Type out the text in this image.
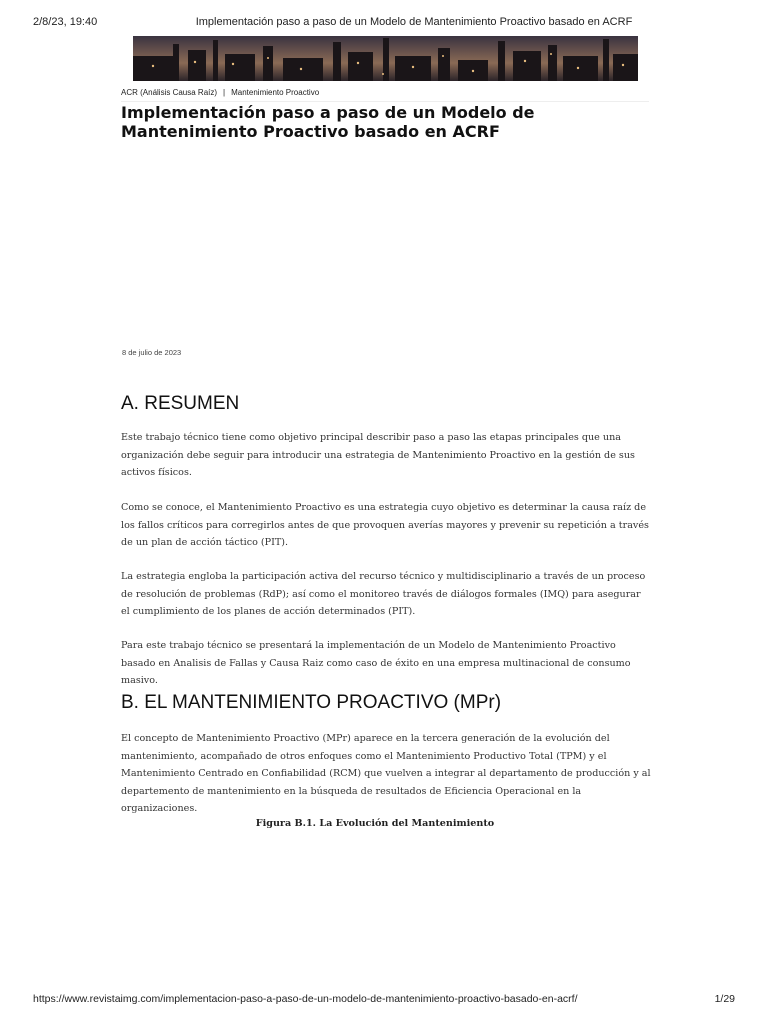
2/8/23, 19:40	Implementación paso a paso de un Modelo de Mantenimiento Proactivo basado en ACRF
ACR (Análisis Causa Raíz) | Mantenimiento Proactivo
Implementación paso a paso de un Modelo de Mantenimiento Proactivo basado en ACRF
8 de julio de 2023
A. RESUMEN

Este trabajo técnico tiene como objetivo principal describir paso a paso las etapas principales que una organización debe seguir para introducir una estrategia de Mantenimiento Proactivo en la gestión de sus activos físicos.

Como se conoce, el Mantenimiento Proactivo es una estrategia cuyo objetivo es determinar la causa raíz de los fallos críticos para corregirlos antes de que provoquen averías mayores y prevenir su repetición a través de un plan de acción táctico (PIT).

La estrategia engloba la participación activa del recurso técnico y multidisciplinario a través de un proceso de resolución de problemas (RdP); así como el monitoreo través de diálogos formales (IMQ) para asegurar el cumplimiento de los planes de acción determinados (PIT).

Para este trabajo técnico se presentará la implementación de un Modelo de Mantenimiento Proactivo basado en Analisis de Fallas y Causa Raiz como caso de éxito en una empresa multinacional de consumo masivo.

B. EL MANTENIMIENTO PROACTIVO (MPr)

El concepto de Mantenimiento Proactivo (MPr) aparece en la tercera generación de la evolución del mantenimiento, acompañado de otros enfoques como el Mantenimiento Productivo Total (TPM) y el Mantenimiento Centrado en Confiabilidad (RCM) que vuelven a integrar al departamento de producción y al departemento de mantenimiento en la búsqueda de resultados de Eficiencia Operacional en la organizaciones.

Figura B.1. La Evolución del Mantenimiento
https://www.revistaimg.com/implementacion-paso-a-paso-de-un-modelo-de-mantenimiento-proactivo-basado-en-acrf/	1/29
